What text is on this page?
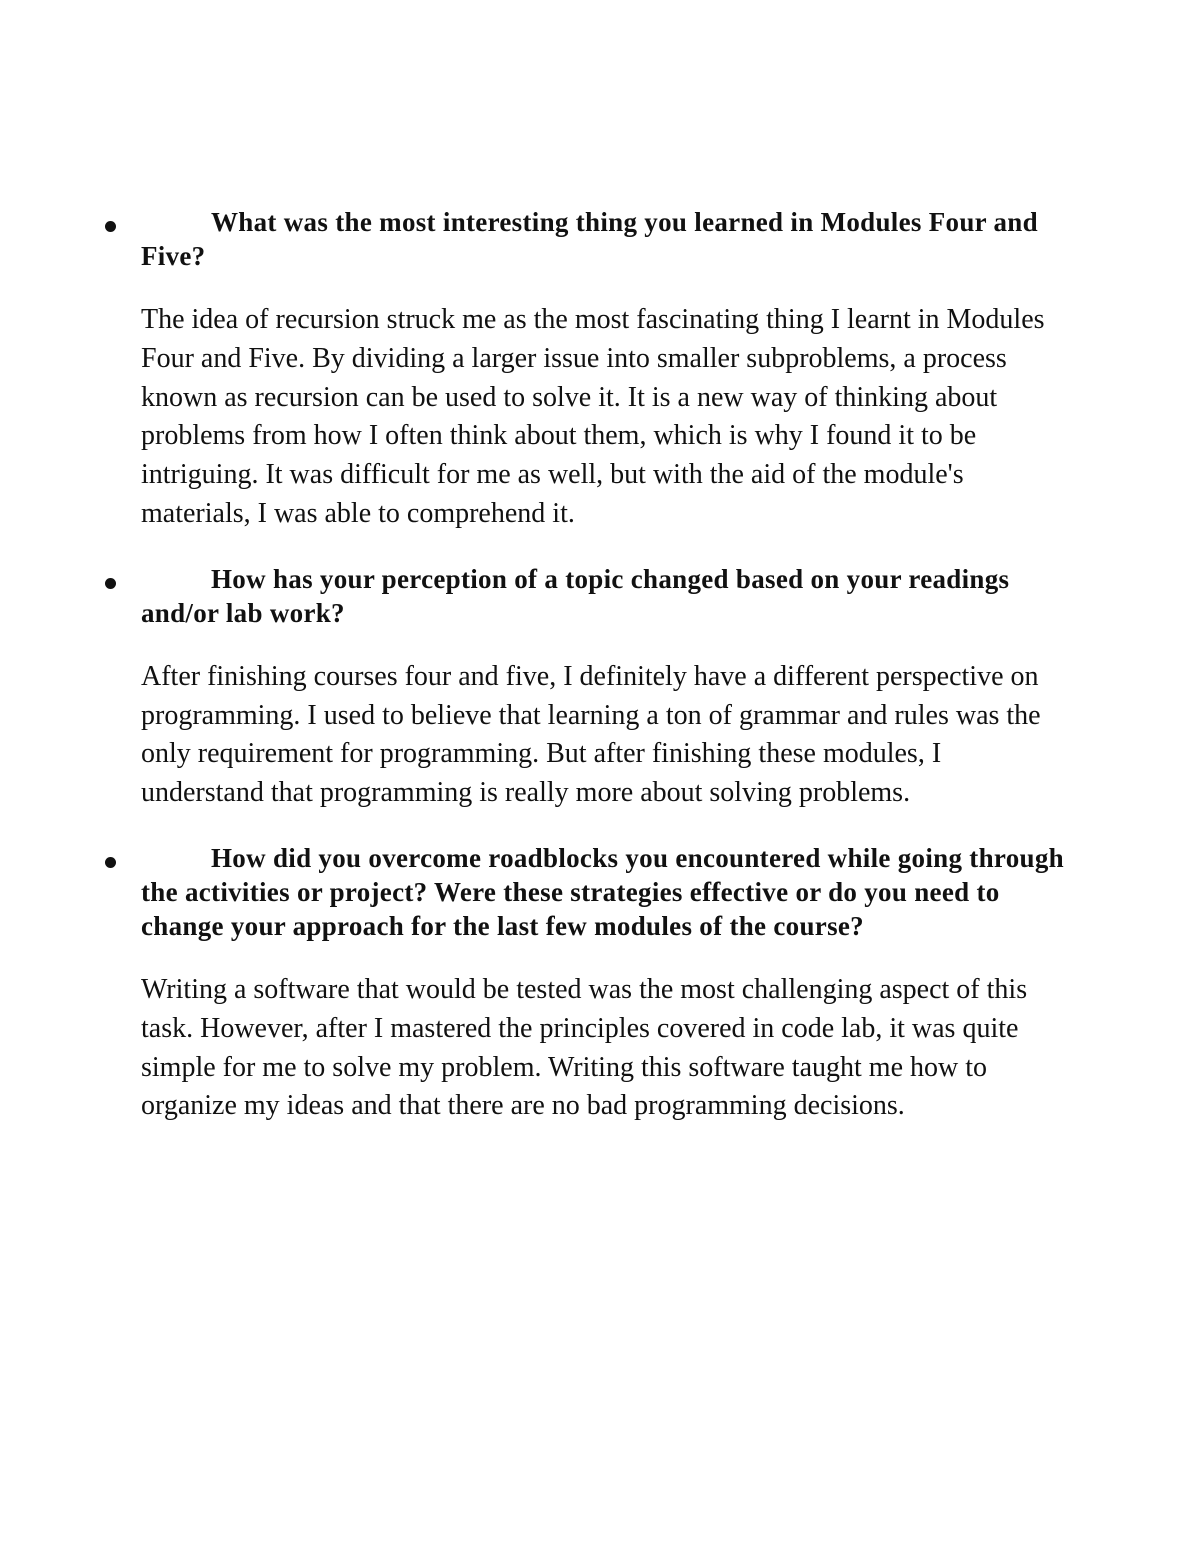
What was the most interesting thing you learned in Modules Four and Five?

The idea of recursion struck me as the most fascinating thing I learnt in Modules Four and Five. By dividing a larger issue into smaller subproblems, a process known as recursion can be used to solve it. It is a new way of thinking about problems from how I often think about them, which is why I found it to be intriguing. It was difficult for me as well, but with the aid of the module's materials, I was able to comprehend it.

How has your perception of a topic changed based on your readings and/or lab work?

After finishing courses four and five, I definitely have a different perspective on programming. I used to believe that learning a ton of grammar and rules was the only requirement for programming. But after finishing these modules, I understand that programming is really more about solving problems.

How did you overcome roadblocks you encountered while going through the activities or project? Were these strategies effective or do you need to change your approach for the last few modules of the course?

Writing a software that would be tested was the most challenging aspect of this task. However, after I mastered the principles covered in code lab, it was quite simple for me to solve my problem. Writing this software taught me how to organize my ideas and that there are no bad programming decisions.
